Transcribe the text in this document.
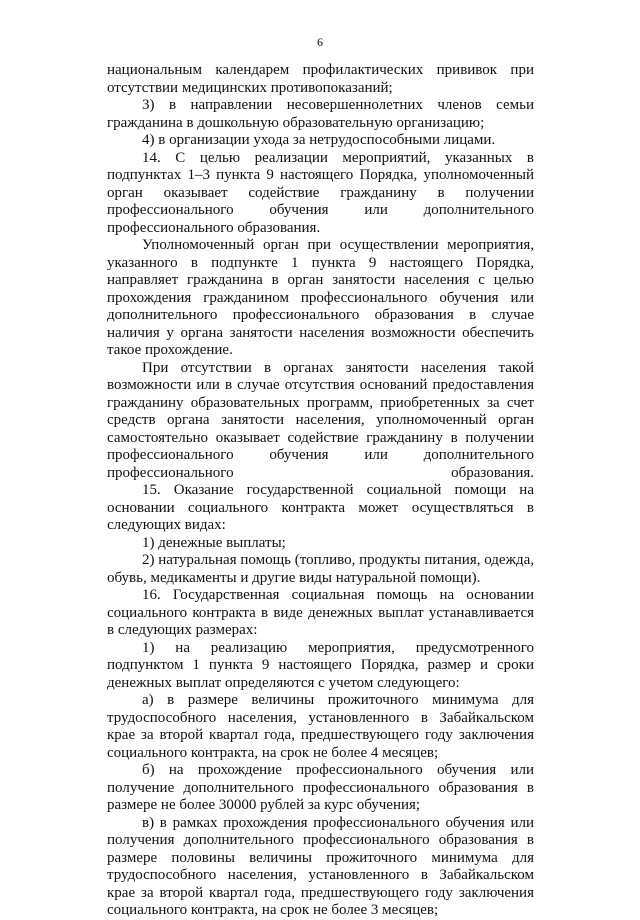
6

национальным календарем профилактических прививок при отсутствии медицинских противопоказаний;

3) в направлении несовершеннолетних членов семьи гражданина в дошкольную образовательную организацию;

4) в организации ухода за нетрудоспособными лицами.

14. С целью реализации мероприятий, указанных в подпунктах 1–3 пункта 9 настоящего Порядка, уполномоченный орган оказывает содействие гражданину в получении профессионального обучения или дополнительного профессионального образования.

Уполномоченный орган при осуществлении мероприятия, указанного в подпункте 1 пункта 9 настоящего Порядка, направляет гражданина в орган занятости населения с целью прохождения гражданином профессионального обучения или дополнительного профессионального образования в случае наличия у органа занятости населения возможности обеспечить такое прохождение.

При отсутствии в органах занятости населения такой возможности или в случае отсутствия оснований предоставления гражданину образовательных программ, приобретенных за счет средств органа занятости населения, уполномоченный орган самостоятельно оказывает содействие гражданину в получении профессионального обучения или дополнительного профессионального образования.

15. Оказание государственной социальной помощи на основании социального контракта может осуществляться в следующих видах:

1) денежные выплаты;

2) натуральная помощь (топливо, продукты питания, одежда, обувь, медикаменты и другие виды натуральной помощи).

16. Государственная социальная помощь на основании социального контракта в виде денежных выплат устанавливается в следующих размерах:

1) на реализацию мероприятия, предусмотренного подпунктом 1 пункта 9 настоящего Порядка, размер и сроки денежных выплат определяются с учетом следующего:

а) в размере величины прожиточного минимума для трудоспособного населения, установленного в Забайкальском крае за второй квартал года, предшествующего году заключения социального контракта, на срок не более 4 месяцев;

б) на прохождение профессионального обучения или получение дополнительного профессионального образования в размере не более 30000 рублей за курс обучения;

в) в рамках прохождения профессионального обучения или получения дополнительного профессионального образования в размере половины величины прожиточного минимума для трудоспособного населения, установленного в Забайкальском крае за второй квартал года, предшествующего году заключения социального контракта, на срок не более 3 месяцев;
